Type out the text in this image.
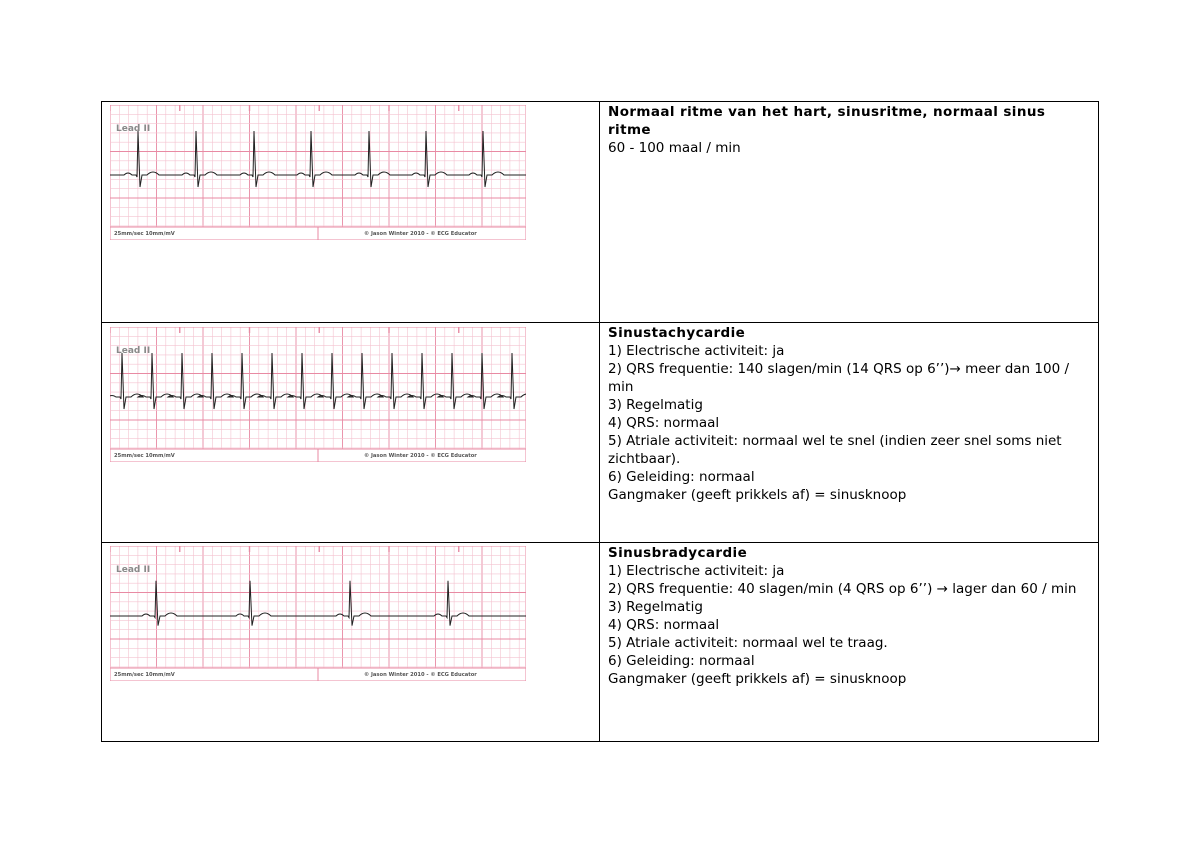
Lead II
25mm/sec 10mm/mV	© Jason Winter 2010 - © ECG Educator

Normaal ritme van het hart, sinusritme, normaal sinus ritme

60 - 100 maal / min

Lead II
25mm/sec 10mm/mV	© Jason Winter 2010 - © ECG Educator

Sinustachycardie

1) Electrische activiteit: ja

2) QRS frequentie: 140 slagen/min (14 QRS op 6’’)→ meer dan 100 / min

3) Regelmatig

4) QRS: normaal

5) Atriale activiteit: normaal wel te snel (indien zeer snel soms niet zichtbaar).

6) Geleiding: normaal

Gangmaker (geeft prikkels af) = sinusknoop

Lead II
25mm/sec 10mm/mV	© Jason Winter 2010 - © ECG Educator

Sinusbradycardie

1) Electrische activiteit: ja

2) QRS frequentie: 40 slagen/min (4 QRS op 6’’) → lager dan 60 / min

3) Regelmatig

4) QRS: normaal

5) Atriale activiteit: normaal wel te traag.

6) Geleiding: normaal

Gangmaker (geeft prikkels af) = sinusknoop
